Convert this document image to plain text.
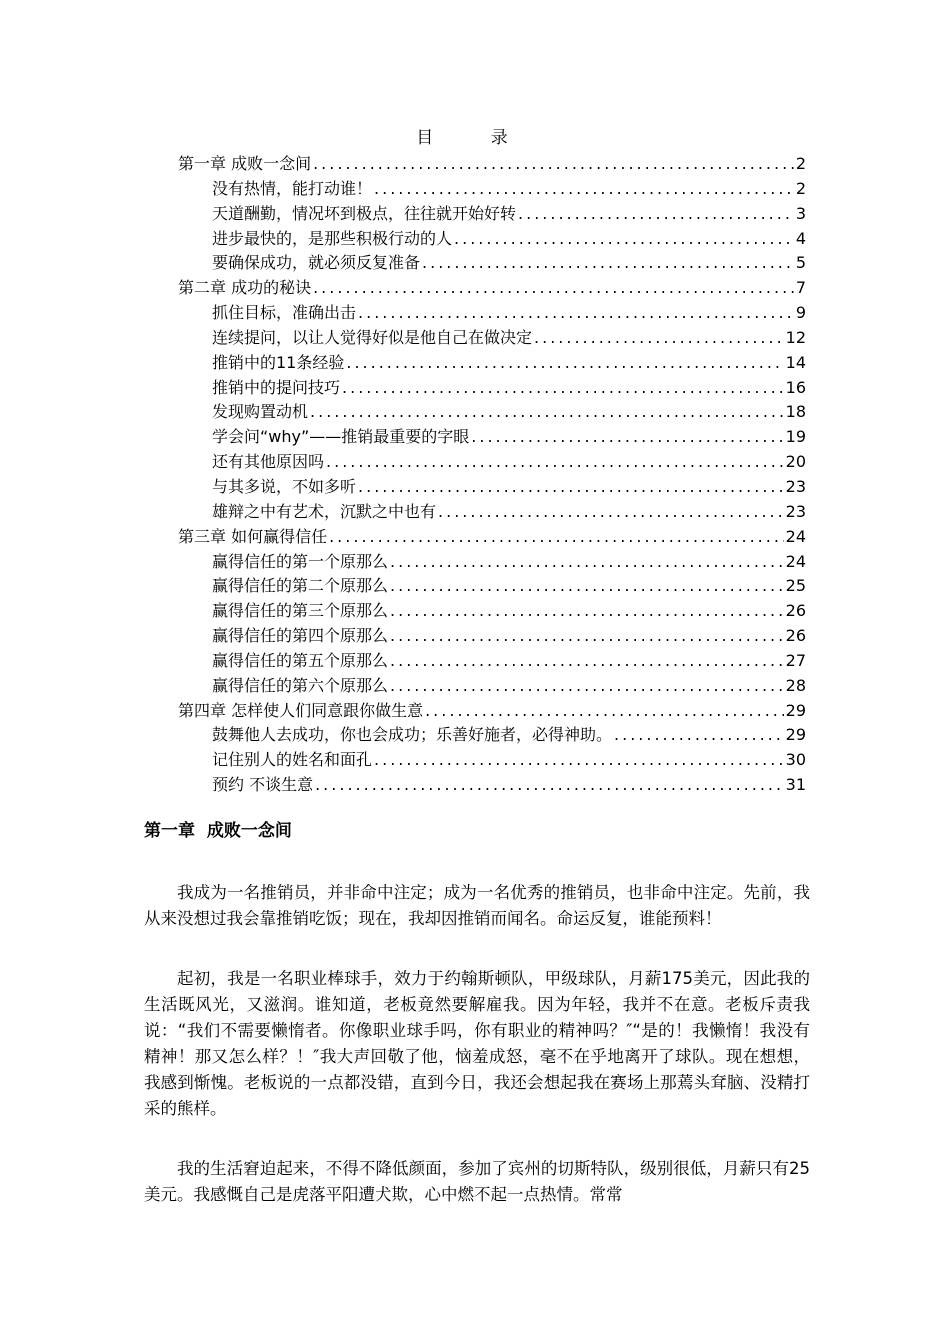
目 录
第一章 成败一念间 .....	2
没有热情，能打动谁！ .....	2
天道酬勤，情况坏到极点，往往就开始好转 .....	3
进步最快的，是那些积极行动的人 .....	4
要确保成功，就必须反复准备 .....	5
第二章 成功的秘诀 .....	7
抓住目标，准确出击 .....	9
连续提问，以让人觉得好似是他自己在做决定 .....	12
推销中的11条经验 .....	14
推销中的提问技巧 .....	16
发现购置动机 .....	18
学会问“why”——推销最重要的字眼 .....	19
还有其他原因吗 .....	20
与其多说，不如多听 .....	23
雄辩之中有艺术，沉默之中也有 .....	23
第三章 如何赢得信任 .....	24
赢得信任的第一个原那么 .....	24
赢得信任的第二个原那么 .....	25
赢得信任的第三个原那么 .....	26
赢得信任的第四个原那么 .....	26
赢得信任的第五个原那么 .....	27
赢得信任的第六个原那么 .....	28
第四章 怎样使人们同意跟你做生意 .....	29
鼓舞他人去成功，你也会成功；乐善好施者，必得神助。 .....	29
记住别人的姓名和面孔 .....	30
预约 不谈生意 .....	31
第一章  成败一念间

我成为一名推销员，并非命中注定；成为一名优秀的推销员，也非命中注定。先前，我从来没想过我会靠推销吃饭；现在，我却因推销而闻名。命运反复，谁能预料！

起初，我是一名职业棒球手，效力于约翰斯顿队，甲级球队，月薪175美元，因此我的生活既风光，又滋润。谁知道，老板竟然要解雇我。因为年轻，我并不在意。老板斥责我说：“我们不需要懒惰者。你像职业球手吗，你有职业的精神吗？″“是的！我懒惰！我没有精神！那又怎么样？！″我大声回敬了他，恼羞成怒，毫不在乎地离开了球队。现在想想，我感到惭愧。老板说的一点都没错，直到今日，我还会想起我在赛场上那蔫头耷脑、没精打采的熊样。

我的生活窘迫起来，不得不降低颜面，参加了宾州的切斯特队，级别很低，月薪只有25美元。我感慨自己是虎落平阳遭犬欺，心中燃不起一点热情。常常
